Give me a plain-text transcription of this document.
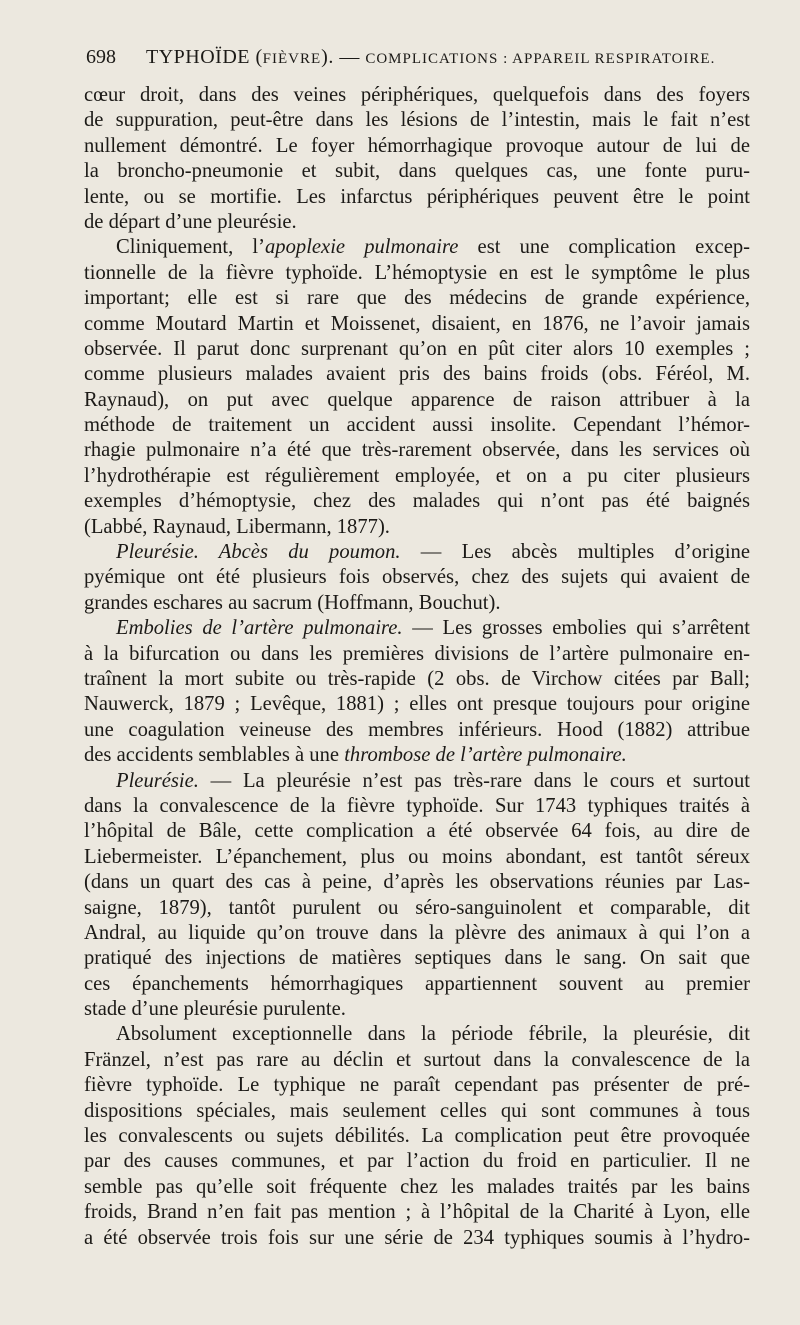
698 TYPHOÏDE (FIÈVRE). — COMPLICATIONS : APPAREIL RESPIRATOIRE.
cœur droit, dans des veines périphériques, quelquefois dans des foyers
de suppuration, peut-être dans les lésions de l’intestin, mais le fait n’est
nullement démontré. Le foyer hémorrhagique provoque autour de lui de
la broncho-pneumonie et subit, dans quelques cas, une fonte puru-
lente, ou se mortifie. Les infarctus périphériques peuvent être le point
de départ d’une pleurésie.
Cliniquement, l’apoplexie pulmonaire est une complication excep-
tionnelle de la fièvre typhoïde. L’hémoptysie en est le symptôme le plus
important; elle est si rare que des médecins de grande expérience,
comme Moutard Martin et Moissenet, disaient, en 1876, ne l’avoir jamais
observée. Il parut donc surprenant qu’on en pût citer alors 10 exemples ;
comme plusieurs malades avaient pris des bains froids (obs. Féréol, M.
Raynaud), on put avec quelque apparence de raison attribuer à la
méthode de traitement un accident aussi insolite. Cependant l’hémor-
rhagie pulmonaire n’a été que très-rarement observée, dans les services où
l’hydrothérapie est régulièrement employée, et on a pu citer plusieurs
exemples d’hémoptysie, chez des malades qui n’ont pas été baignés
(Labbé, Raynaud, Libermann, 1877).
Pleurésie. Abcès du poumon. — Les abcès multiples d’origine
pyémique ont été plusieurs fois observés, chez des sujets qui avaient de
grandes eschares au sacrum (Hoffmann, Bouchut).
Embolies de l’artère pulmonaire. — Les grosses embolies qui s’arrêtent
à la bifurcation ou dans les premières divisions de l’artère pulmonaire en-
traînent la mort subite ou très-rapide (2 obs. de Virchow citées par Ball;
Nauwerck, 1879 ; Levêque, 1881) ; elles ont presque toujours pour origine
une coagulation veineuse des membres inférieurs. Hood (1882) attribue
des accidents semblables à une thrombose de l’artère pulmonaire.
Pleurésie. — La pleurésie n’est pas très-rare dans le cours et surtout
dans la convalescence de la fièvre typhoïde. Sur 1743 typhiques traités à
l’hôpital de Bâle, cette complication a été observée 64 fois, au dire de
Liebermeister. L’épanchement, plus ou moins abondant, est tantôt séreux
(dans un quart des cas à peine, d’après les observations réunies par Las-
saigne, 1879), tantôt purulent ou séro-sanguinolent et comparable, dit
Andral, au liquide qu’on trouve dans la plèvre des animaux à qui l’on a
pratiqué des injections de matières septiques dans le sang. On sait que
ces épanchements hémorrhagiques appartiennent souvent au premier
stade d’une pleurésie purulente.
Absolument exceptionnelle dans la période fébrile, la pleurésie, dit
Fränzel, n’est pas rare au déclin et surtout dans la convalescence de la
fièvre typhoïde. Le typhique ne paraît cependant pas présenter de pré-
dispositions spéciales, mais seulement celles qui sont communes à tous
les convalescents ou sujets débilités. La complication peut être provoquée
par des causes communes, et par l’action du froid en particulier. Il ne
semble pas qu’elle soit fréquente chez les malades traités par les bains
froids, Brand n’en fait pas mention ; à l’hôpital de la Charité à Lyon, elle
a été observée trois fois sur une série de 234 typhiques soumis à l’hydro-
